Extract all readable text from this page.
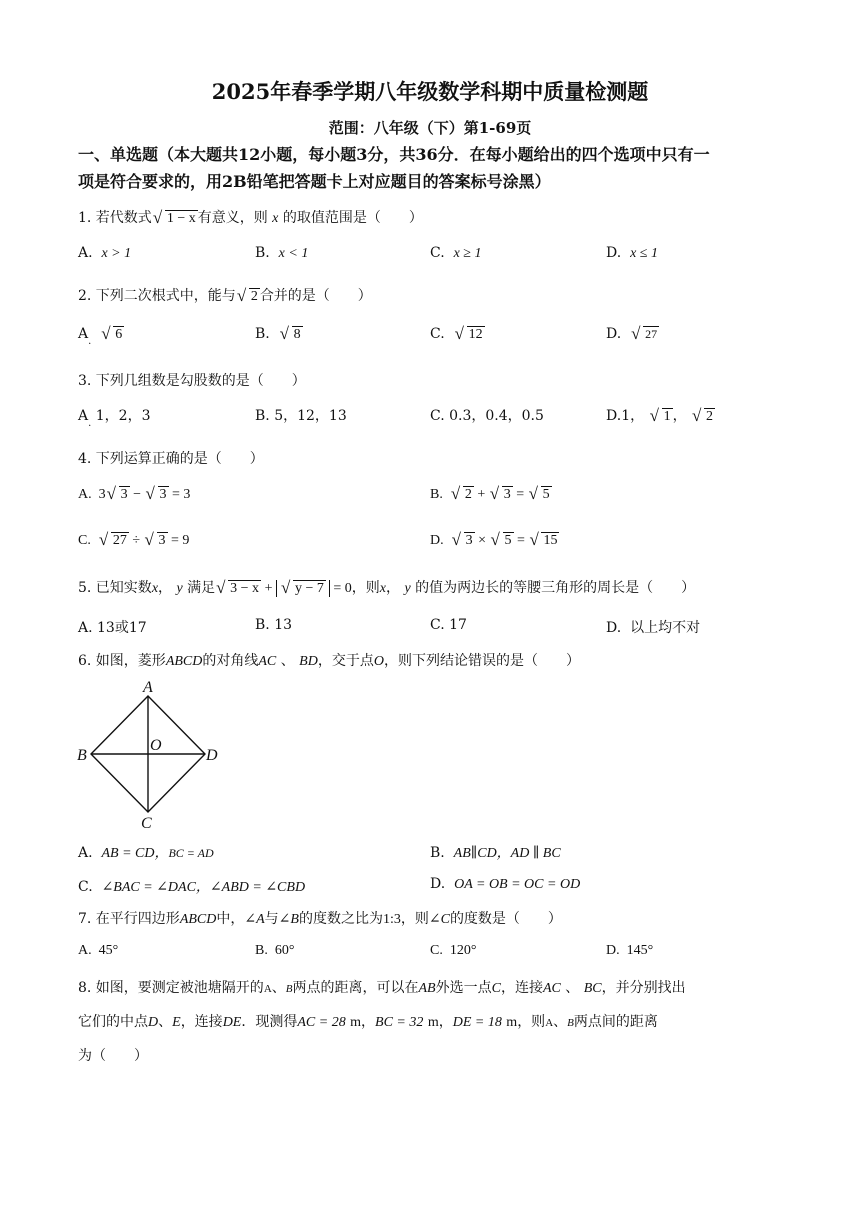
2025年春季学期八年级数学科期中质量检测题
范围：八年级（下）第1-69页
一、单选题（本大题共12小题，每小题3分，共36分．在每小题给出的四个选项中只有一
项是符合要求的，用2B铅笔把答题卡上对应题目的答案标号涂黑）
1. 若代数式 √ 1 − x 有意义，则 x 的取值范围是（　　）
A. x > 1	B. x < 1	C. x ≥ 1	D. x ≤ 1
2. 下列二次根式中，能与 √ 2 合并的是（　　）
$A_.$ √ 6	B. √ 8	C. √ 12	D. √ 27
3. 下列几组数是勾股数的是（　　）
$A_.$ 1，2，3	B. 5，12，13	C. 0.3，0.4，0.5	D.1， √ 1 ， √ 2
4. 下列运算正确的是（　　）
A. 3 √ 3 − √ 3 = 3	B. √ 2 + √ 3 = √ 5
C. √ 27 ÷ √ 3 = 9	D. √ 3 × √ 5 = √ 15
5. 已知实数x， y 满足 √ 3 − x + √ y − 7 = 0，则x， y 的值为两边长的等腰三角形的周长是（　　）
A. 13或17	B. 13	C. 17	D. 以上均不对
6. 如图，菱形ABCD的对角线AC 、 BD，交于点O，则下列结论错误的是（　　）
A
B
C
D
O
A. AB = CD，BC = AD	B. AB∥CD，AD ∥ BC
C. ∠BAC = ∠DAC，∠ABD = ∠CBD	D. OA = OB = OC = OD
7. 在平行四边形ABCD中，∠A与∠B的度数之比为1:3，则∠C的度数是（　　）
A. 45°	B. 60°	C. 120°	D. 145°
8. 如图，要测定被池塘隔开的A、B两点的距离，可以在AB外选一点C，连接AC 、 BC，并分别找出
它们的中点D、E，连接DE．现测得AC = 28 m，BC = 32 m，DE = 18 m，则A、B两点间的距离
为（　　）
